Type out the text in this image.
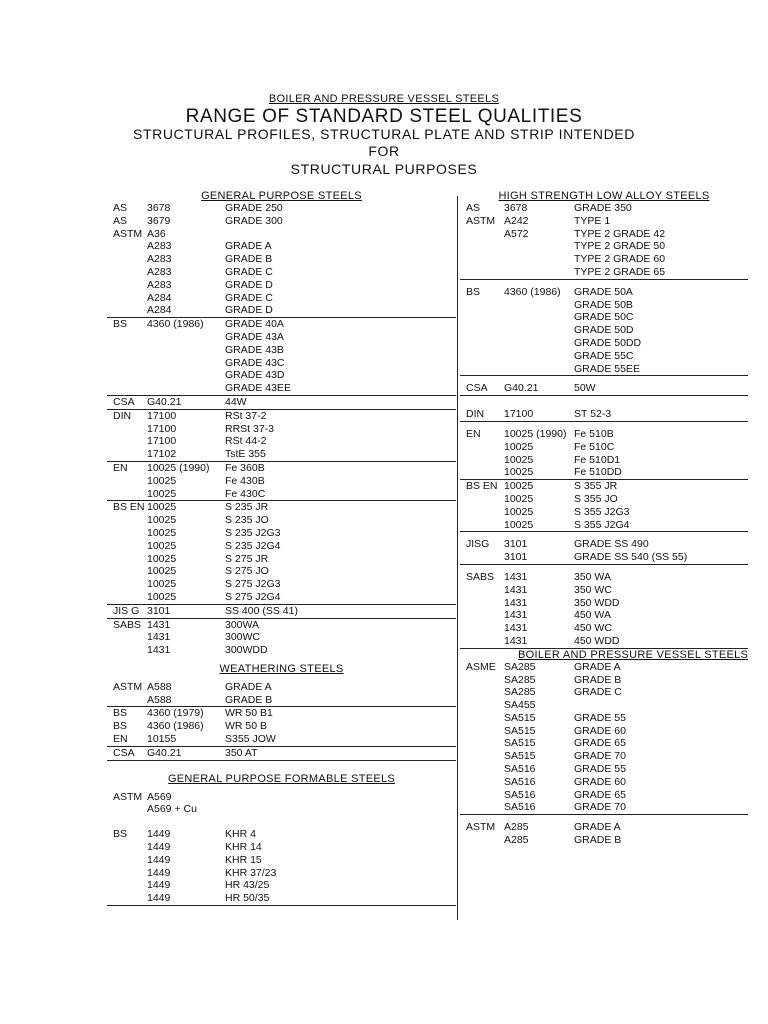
BOILER AND PRESSURE VESSEL STEELS
RANGE OF STANDARD STEEL QUALITIES
STRUCTURAL PROFILES, STRUCTURAL PLATE AND STRIP INTENDED
FOR
STRUCTURAL PURPOSES
GENERAL PURPOSE STEELS
AS	3678	GRADE 250
AS	3679	GRADE 300
ASTM A36
A283	GRADE A
A283	GRADE B
A283	GRADE C
A283	GRADE D
A284	GRADE C
A284	GRADE D
BS	4360 (1986)	GRADE 40A
GRADE 43A
GRADE 43B
GRADE 43C
GRADE 43D
GRADE 43EE
CSA	G40.21	44W
DIN	17100	RSt 37-2
17100	RRSt 37-3
17100	RSt 44-2
17102	TstE 355
EN	10025 (1990)	Fe 360B
10025	Fe 430B
10025	Fe 430C
BS EN 10025	S 235 JR
10025	S 235 JO
10025	S 235 J2G3
10025	S 235 J2G4
10025	S 275 JR
10025	S 275 JO
10025	S 275 J2G3
10025	S 275 J2G4
JIS G 3101	SS 400 (SS 41)
SABS 1431	300WA
1431	300WC
1431	300WDD
WEATHERING STEELS
ASTM A588	GRADE A
A588	GRADE B
BS	4360 (1979)	WR 50 B1
BS	4360 (1986)	WR 50 B
EN	10155	S355 JOW
CSA	G40.21	350 AT
GENERAL PURPOSE FORMABLE STEELS
ASTM A569
A569 + Cu
BS	1449	KHR 4
1449	KHR 14
1449	KHR 15
1449	KHR 37/23
1449	HR 43/25
1449	HR 50/35
HIGH STRENGTH LOW ALLOY STEELS
AS	3678	GRADE 350
ASTM A242	TYPE 1
A572	TYPE 2 GRADE 42
TYPE 2 GRADE 50
TYPE 2 GRADE 60
TYPE 2 GRADE 65
BS	4360 (1986)	GRADE 50A
GRADE 50B
GRADE 50C
GRADE 50D
GRADE 50DD
GRADE 55C
GRADE 55EE
CSA	G40.21	50W
DIN	17100	ST 52-3
EN	10025 (1990) Fe 510B
10025	Fe 510C
10025	Fe 510D1
10025	Fe 510DD
BS EN 10025	S 355 JR
10025	S 355 JO
10025	S 355 J2G3
10025	S 355 J2G4
JISG	3101	GRADE SS 490
3101	GRADE SS 540 (SS 55)
SABS 1431	350 WA
1431	350 WC
1431	350 WDD
1431	450 WA
1431	450 WC
1431	450 WDD
BOILER AND PRESSURE VESSEL STEELS
ASME SA285	GRADE A
SA285	GRADE B
SA285	GRADE C
SA455
SA515	GRADE 55
SA515	GRADE 60
SA515	GRADE 65
SA515	GRADE 70
SA516	GRADE 55
SA516	GRADE 60
SA516	GRADE 65
SA516	GRADE 70
ASTM A285	GRADE A
A285	GRADE B
